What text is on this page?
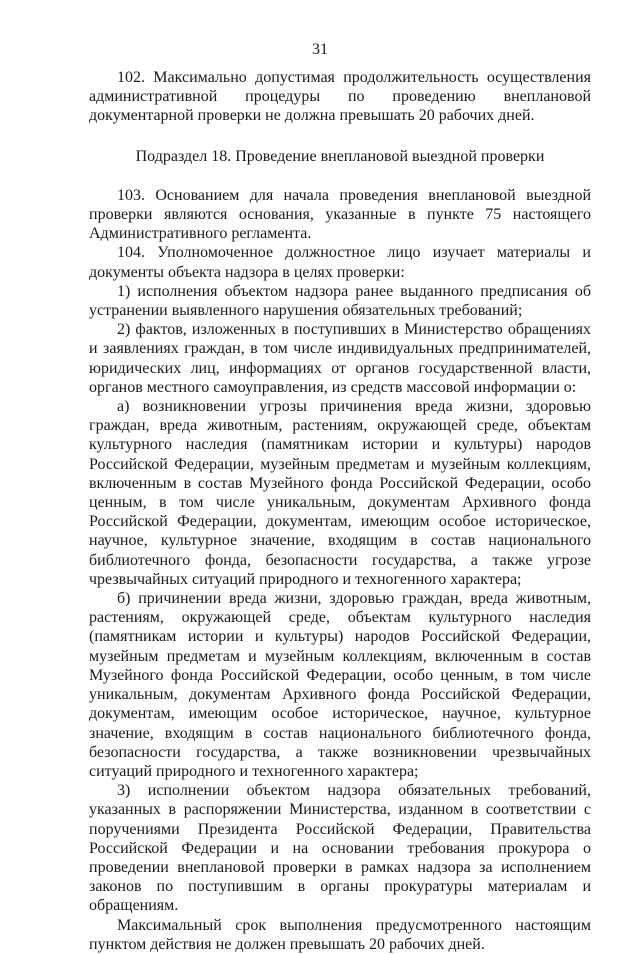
31

102. Максимально допустимая продолжительность осуществления административной процедуры по проведению внеплановой документарной проверки не должна превышать 20 рабочих дней.

Подраздел 18. Проведение внеплановой выездной проверки

103. Основанием для начала проведения внеплановой выездной проверки являются основания, указанные в пункте 75 настоящего Административного регламента.

104. Уполномоченное должностное лицо изучает материалы и документы объекта надзора в целях проверки:

1) исполнения объектом надзора ранее выданного предписания об устранении выявленного нарушения обязательных требований;

2) фактов, изложенных в поступивших в Министерство обращениях и заявлениях граждан, в том числе индивидуальных предпринимателей, юридических лиц, информациях от органов государственной власти, органов местного самоуправления, из средств массовой информации о:

а) возникновении угрозы причинения вреда жизни, здоровью граждан, вреда животным, растениям, окружающей среде, объектам культурного наследия (памятникам истории и культуры) народов Российской Федерации, музейным предметам и музейным коллекциям, включенным в состав Музейного фонда Российской Федерации, особо ценным, в том числе уникальным, документам Архивного фонда Российской Федерации, документам, имеющим особое историческое, научное, культурное значение, входящим в состав национального библиотечного фонда, безопасности государства, а также угрозе чрезвычайных ситуаций природного и техногенного характера;

б) причинении вреда жизни, здоровью граждан, вреда животным, растениям, окружающей среде, объектам культурного наследия (памятникам истории и культуры) народов Российской Федерации, музейным предметам и музейным коллекциям, включенным в состав Музейного фонда Российской Федерации, особо ценным, в том числе уникальным, документам Архивного фонда Российской Федерации, документам, имеющим особое историческое, научное, культурное значение, входящим в состав национального библиотечного фонда, безопасности государства, а также возникновении чрезвычайных ситуаций природного и техногенного характера;

3) исполнении объектом надзора обязательных требований, указанных в распоряжении Министерства, изданном в соответствии с поручениями Президента Российской Федерации, Правительства Российской Федерации и на основании требования прокурора о проведении внеплановой проверки в рамках надзора за исполнением законов по поступившим в органы прокуратуры материалам и обращениям.

Максимальный срок выполнения предусмотренного настоящим пунктом действия не должен превышать 20 рабочих дней.
